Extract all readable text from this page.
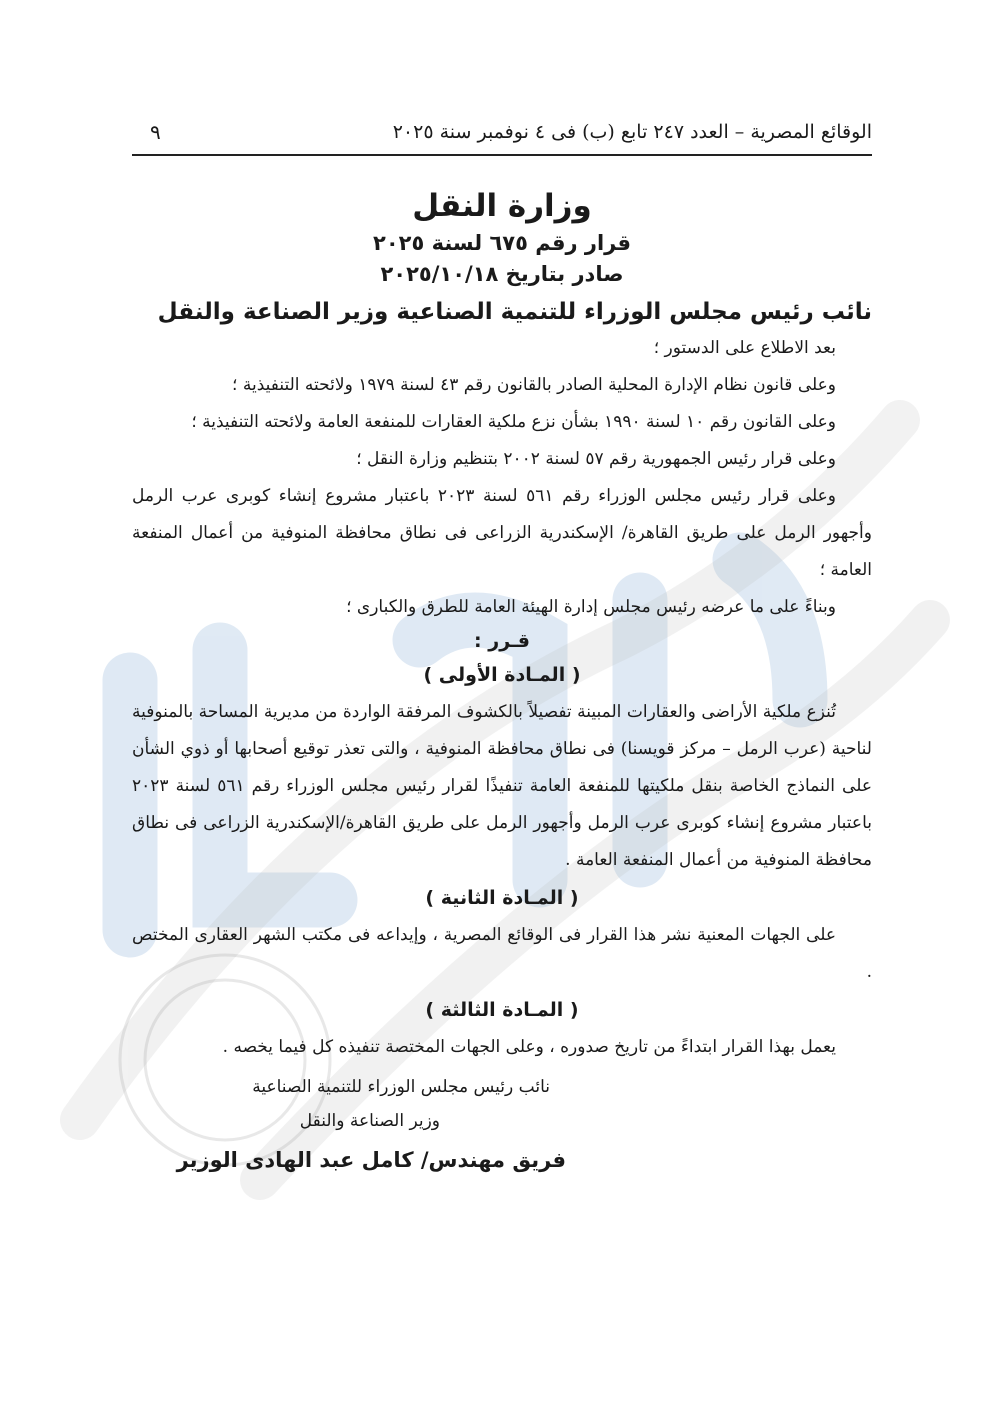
الوقائع المصرية – العدد ٢٤٧ تابع (ب) فى ٤ نوفمبر سنة ٢٠٢٥
٩
وزارة النقل
قرار رقم ٦٧٥ لسنة ٢٠٢٥
صادر بتاريخ ٢٠٢٥/١٠/١٨
نائب رئيس مجلس الوزراء للتنمية الصناعية وزير الصناعة والنقل

بعد الاطلاع على الدستور ؛

وعلى قانون نظام الإدارة المحلية الصادر بالقانون رقم ٤٣ لسنة ١٩٧٩ ولائحته التنفيذية ؛

وعلى القانون رقم ١٠ لسنة ١٩٩٠ بشأن نزع ملكية العقارات للمنفعة العامة ولائحته التنفيذية ؛

وعلى قرار رئيس الجمهورية رقم ٥٧ لسنة ٢٠٠٢ بتنظيم وزارة النقل ؛

وعلى قرار رئيس مجلس الوزراء رقم ٥٦١ لسنة ٢٠٢٣ باعتبار مشروع إنشاء كوبرى عرب الرمل وأجهور الرمل على طريق القاهرة/ الإسكندرية الزراعى فى نطاق محافظة المنوفية من أعمال المنفعة العامة ؛

وبناءً على ما عرضه رئيس مجلس إدارة الهيئة العامة للطرق والكبارى ؛

قـرر :
( المـادة الأولى )

تُنزع ملكية الأراضى والعقارات المبينة تفصيلاً بالكشوف المرفقة الواردة من مديرية المساحة بالمنوفية لناحية (عرب الرمل – مركز قويسنا) فى نطاق محافظة المنوفية ، والتى تعذر توقيع أصحابها أو ذوي الشأن على النماذج الخاصة بنقل ملكيتها للمنفعة العامة تنفيذًا لقرار رئيس مجلس الوزراء رقم ٥٦١ لسنة ٢٠٢٣ باعتبار مشروع إنشاء كوبرى عرب الرمل وأجهور الرمل على طريق القاهرة/الإسكندرية الزراعى فى نطاق محافظة المنوفية من أعمال المنفعة العامة .

( المـادة الثانية )

على الجهات المعنية نشر هذا القرار فى الوقائع المصرية ، وإيداعه فى مكتب الشهر العقارى المختص .

( المـادة الثالثة )

يعمل بهذا القرار ابتداءً من تاريخ صدوره ، وعلى الجهات المختصة تنفيذه كل فيما يخصه .

نائب رئيس مجلس الوزراء للتنمية الصناعية
وزير الصناعة والنقل
فريق مهندس/ كامل عبد الهادى الوزير
